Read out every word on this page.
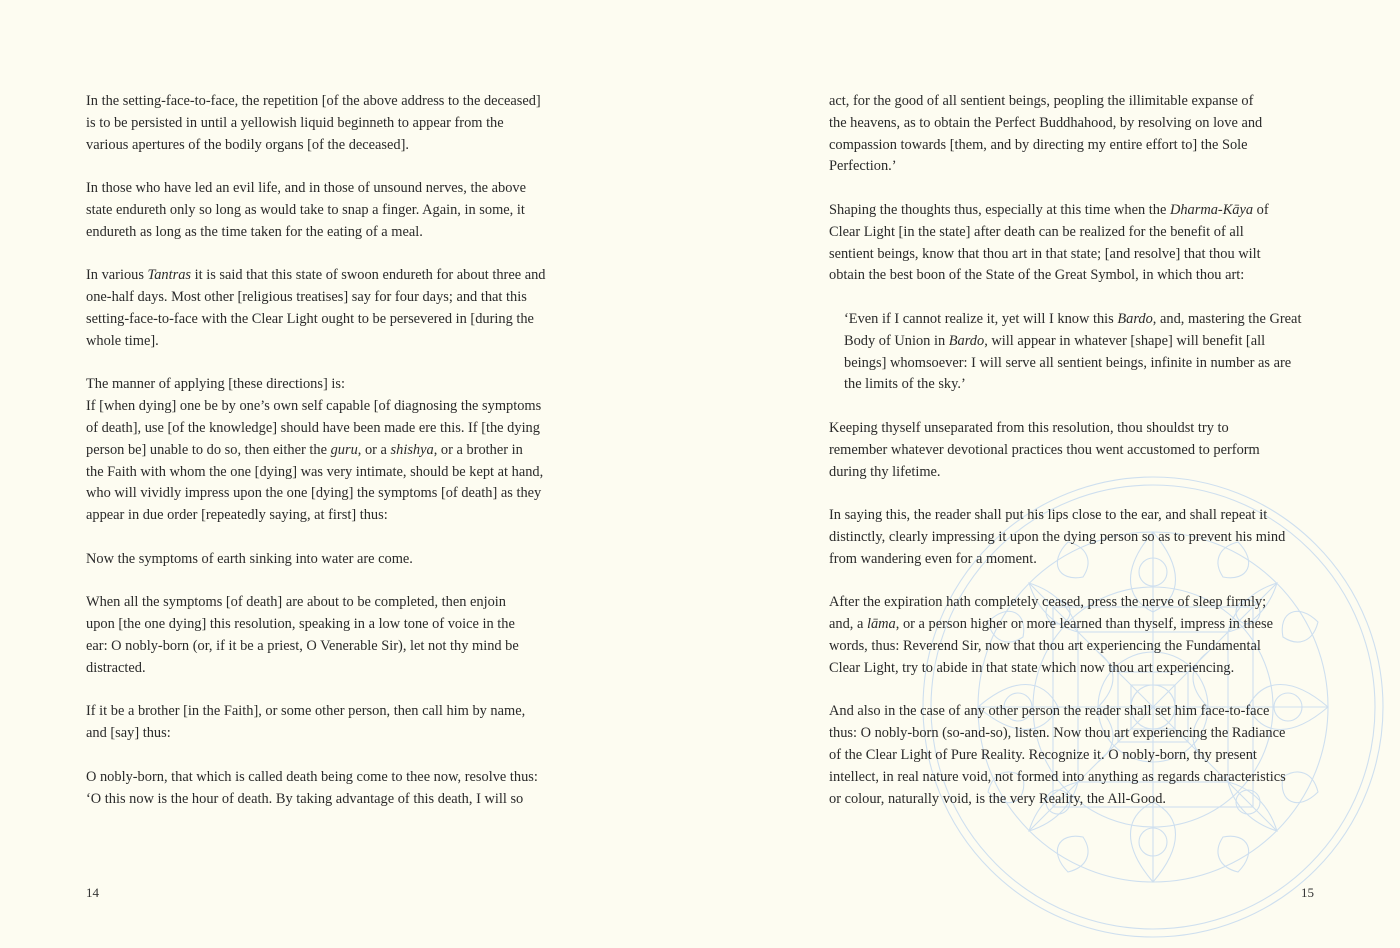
In the setting-face-to-face, the repetition [of the above address to the deceased]
is to be persisted in until a yellowish liquid beginneth to appear from the
various apertures of the bodily organs [of the deceased].
In those who have led an evil life, and in those of unsound nerves, the above
state endureth only so long as would take to snap a finger. Again, in some, it
endureth as long as the time taken for the eating of a meal.
In various Tantras it is said that this state of swoon endureth for about three and
one-half days. Most other [religious treatises] say for four days; and that this
setting-face-to-face with the Clear Light ought to be persevered in [during the
whole time].
The manner of applying [these directions] is:
If [when dying] one be by one’s own self capable [of diagnosing the symptoms
of death], use [of the knowledge] should have been made ere this. If [the dying
person be] unable to do so, then either the guru, or a shishya, or a brother in
the Faith with whom the one [dying] was very intimate, should be kept at hand,
who will vividly impress upon the one [dying] the symptoms [of death] as they
appear in due order [repeatedly saying, at first] thus:
Now the symptoms of earth sinking into water are come.
When all the symptoms [of death] are about to be completed, then enjoin
upon [the one dying] this resolution, speaking in a low tone of voice in the
ear: O nobly-born (or, if it be a priest, O Venerable Sir), let not thy mind be
distracted.
If it be a brother [in the Faith], or some other person, then call him by name,
and [say] thus:
O nobly-born, that which is called death being come to thee now, resolve thus:
‘O this now is the hour of death. By taking advantage of this death, I will so
14
act, for the good of all sentient beings, peopling the illimitable expanse of
the heavens, as to obtain the Perfect Buddhahood, by resolving on love and
compassion towards [them, and by directing my entire effort to] the Sole
Perfection.’
Shaping the thoughts thus, especially at this time when the Dharma-Kāya of
Clear Light [in the state] after death can be realized for the benefit of all
sentient beings, know that thou art in that state; [and resolve] that thou wilt
obtain the best boon of the State of the Great Symbol, in which thou art:
‘Even if I cannot realize it, yet will I know this Bardo, and, mastering the Great
Body of Union in Bardo, will appear in whatever [shape] will benefit [all
beings] whomsoever: I will serve all sentient beings, infinite in number as are
the limits of the sky.’
Keeping thyself unseparated from this resolution, thou shouldst try to
remember whatever devotional practices thou went accustomed to perform
during thy lifetime.
In saying this, the reader shall put his lips close to the ear, and shall repeat it
distinctly, clearly impressing it upon the dying person so as to prevent his mind
from wandering even for a moment.
After the expiration hath completely ceased, press the nerve of sleep firmly;
and, a lāma, or a person higher or more learned than thyself, impress in these
words, thus: Reverend Sir, now that thou art experiencing the Fundamental
Clear Light, try to abide in that state which now thou art experiencing.
And also in the case of any other person the reader shall set him face-to-face
thus: O nobly-born (so-and-so), listen. Now thou art experiencing the Radiance
of the Clear Light of Pure Reality. Recognize it. O nobly-born, thy present
intellect, in real nature void, not formed into anything as regards characteristics
or colour, naturally void, is the very Reality, the All-Good.
15
